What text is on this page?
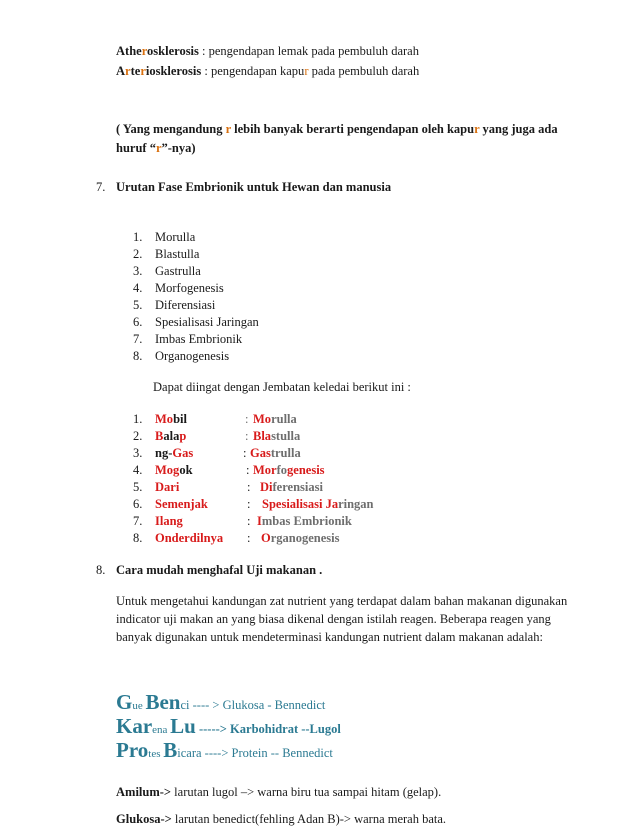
Atherosklerosis : pengendapan lemak pada pembuluh darah
Arteriosklerosis : pengendapan kapur pada pembuluh darah
( Yang mengandung r lebih banyak berarti pengendapan oleh kapur yang juga ada
huruf “r”-nya)
7. Urutan Fase Embrionik untuk Hewan dan manusia
1. Morulla
2. Blastulla
3. Gastrulla
4. Morfogenesis
5. Diferensiasi
6. Spesialisasi Jaringan
7. Imbas Embrionik
8. Organogenesis
Dapat diingat dengan Jembatan keledai berikut ini :
1. Mobil	: Morulla
2. Balap	: Blastulla
3. ng-Gas	: Gastrulla
4. Mogok	: Morfogenesis
5. Dari	: Diferensiasi
6. Semenjak	: Spesialisasi Jaringan
7. Ilang	: Imbas Embrionik
8. Onderdilnya : Organogenesis
8. Cara mudah menghafal Uji makanan .
Untuk mengetahui kandungan zat nutrient yang terdapat dalam bahan makanan digunakan
indicator uji makan an yang biasa dikenal dengan istilah reagen. Beberapa reagen yang
banyak digunakan untuk mendeterminasi kandungan nutrient dalam makanan adalah:
Gue Benci ---- > Glukosa - Bennedict
Karena Lu -----> Karbohidrat --Lugol
Protes Bicara ----> Protein -- Bennedict
Amilum-> larutan lugol –> warna biru tua sampai hitam (gelap).
Glukosa-> larutan benedict(fehling Adan B)-> warna merah bata.
